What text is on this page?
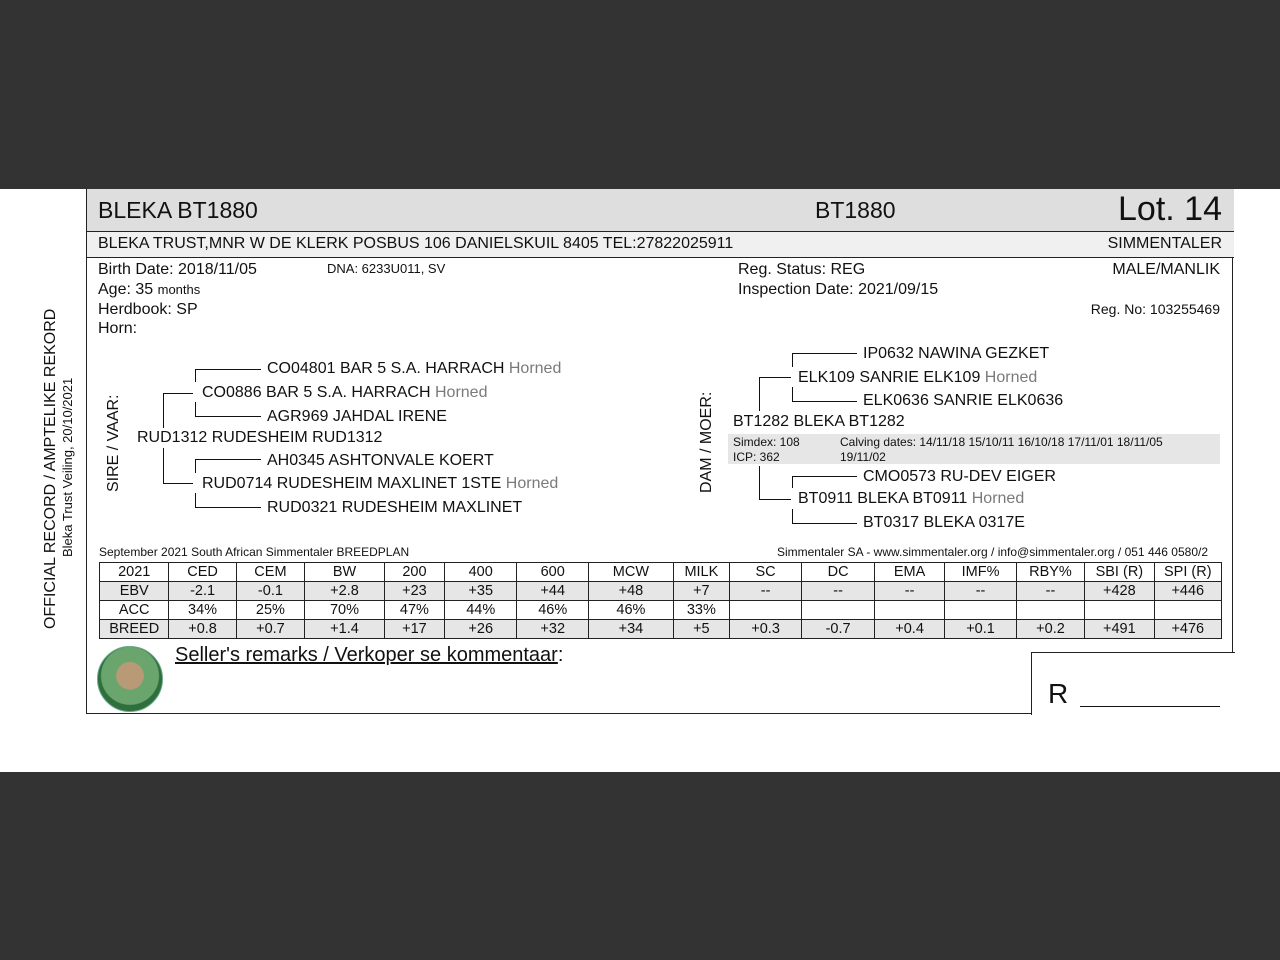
OFFICIAL RECORD / AMPTELIKE REKORD Bleka Trust Veiling, 20/10/2021
BLEKA BT1880	BT1880	Lot. 14
BLEKA TRUST,MNR W DE KLERK POSBUS 106 DANIELSKUIL 8405 TEL:27822025911	SIMMENTALER
Birth Date: 2018/11/05	DNA: 6233U011, SV
Age: 35 months
Herdbook: SP
Horn:
Reg. Status: REG
Inspection Date: 2021/09/15
MALE/MANLIK
Reg. No: 103255469
SIRE / VAAR: RUD1312 RUDESHEIM RUD1312
CO0886 BAR 5 S.A. HARRACH Horned
CO04801 BAR 5 S.A. HARRACH Horned
AGR969 JAHDAL IRENE
RUD0714 RUDESHEIM MAXLINET 1STE Horned
AH0345 ASHTONVALE KOERT
RUD0321 RUDESHEIM MAXLINET
DAM / MOER: BT1282 BLEKA BT1282
ELK109 SANRIE ELK109 Horned
IP0632 NAWINA GEZKET
ELK0636 SANRIE ELK0636
BT0911 BLEKA BT0911 Horned
CMO0573 RU-DEV EIGER
BT0317 BLEKA 0317E
Simdex: 108
ICP: 362
Calving dates: 14/11/18 15/10/11 16/10/18 17/11/01 18/11/05
19/11/02
September 2021 South African Simmentaler BREEDPLAN	Simmentaler SA - www.simmentaler.org / info@simmentaler.org / 051 446 0580/2
2021	CED	CEM	BW	200	400	600	MCW	MILK	SC	DC	EMA	IMF%	RBY%	SBI (R)	SPI (R)
EBV	-2.1	-0.1	+2.8	+23	+35	+44	+48	+7	--	--	--	--	--	+428	+446
ACC	34%	25%	70%	47%	44%	46%	46%	33%							
BREED	+0.8	+0.7	+1.4	+17	+26	+32	+34	+5	+0.3	-0.7	+0.4	+0.1	+0.2	+491	+476
Seller's remarks / Verkoper se kommentaar:
R
